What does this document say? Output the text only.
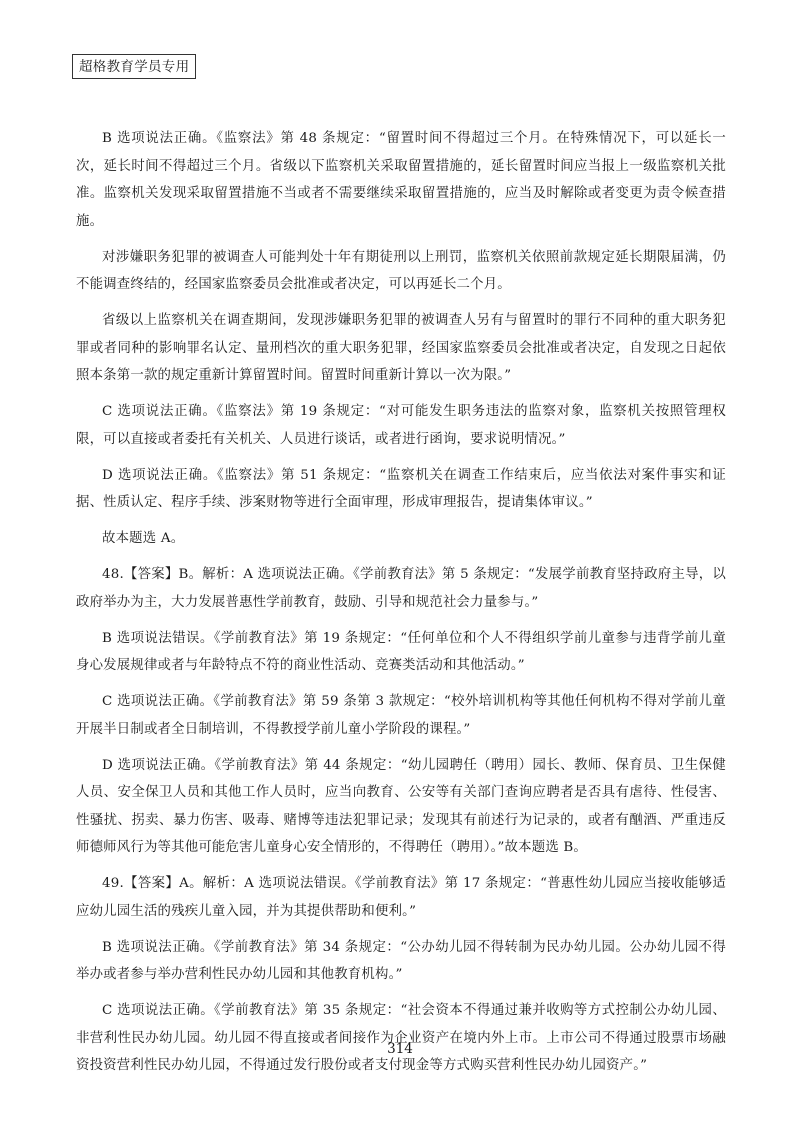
超格教育学员专用

B 选项说法正确。《监察法》第 48 条规定：“留置时间不得超过三个月。在特殊情况下，可以延长一次，延长时间不得超过三个月。省级以下监察机关采取留置措施的，延长留置时间应当报上一级监察机关批准。监察机关发现采取留置措施不当或者不需要继续采取留置措施的，应当及时解除或者变更为责令候查措施。

对涉嫌职务犯罪的被调查人可能判处十年有期徒刑以上刑罚，监察机关依照前款规定延长期限届满，仍不能调查终结的，经国家监察委员会批准或者决定，可以再延长二个月。

省级以上监察机关在调查期间，发现涉嫌职务犯罪的被调查人另有与留置时的罪行不同种的重大职务犯罪或者同种的影响罪名认定、量刑档次的重大职务犯罪，经国家监察委员会批准或者决定，自发现之日起依照本条第一款的规定重新计算留置时间。留置时间重新计算以一次为限。”

C 选项说法正确。《监察法》第 19 条规定：“对可能发生职务违法的监察对象，监察机关按照管理权限，可以直接或者委托有关机关、人员进行谈话，或者进行函询，要求说明情况。”

D 选项说法正确。《监察法》第 51 条规定：“监察机关在调查工作结束后，应当依法对案件事实和证据、性质认定、程序手续、涉案财物等进行全面审理，形成审理报告，提请集体审议。”

故本题选 A。

48.【答案】B。解析：A 选项说法正确。《学前教育法》第 5 条规定：“发展学前教育坚持政府主导，以政府举办为主，大力发展普惠性学前教育，鼓励、引导和规范社会力量参与。”

B 选项说法错误。《学前教育法》第 19 条规定：“任何单位和个人不得组织学前儿童参与违背学前儿童身心发展规律或者与年龄特点不符的商业性活动、竞赛类活动和其他活动。”

C 选项说法正确。《学前教育法》第 59 条第 3 款规定：“校外培训机构等其他任何机构不得对学前儿童开展半日制或者全日制培训，不得教授学前儿童小学阶段的课程。”

D 选项说法正确。《学前教育法》第 44 条规定：“幼儿园聘任（聘用）园长、教师、保育员、卫生保健人员、安全保卫人员和其他工作人员时，应当向教育、公安等有关部门查询应聘者是否具有虐待、性侵害、性骚扰、拐卖、暴力伤害、吸毒、赌博等违法犯罪记录；发现其有前述行为记录的，或者有酗酒、严重违反师德师风行为等其他可能危害儿童身心安全情形的，不得聘任（聘用）。”故本题选 B。

49.【答案】A。解析：A 选项说法错误。《学前教育法》第 17 条规定：“普惠性幼儿园应当接收能够适应幼儿园生活的残疾儿童入园，并为其提供帮助和便利。”

B 选项说法正确。《学前教育法》第 34 条规定：“公办幼儿园不得转制为民办幼儿园。公办幼儿园不得举办或者参与举办营利性民办幼儿园和其他教育机构。”

C 选项说法正确。《学前教育法》第 35 条规定：“社会资本不得通过兼并收购等方式控制公办幼儿园、非营利性民办幼儿园。幼儿园不得直接或者间接作为企业资产在境内外上市。上市公司不得通过股票市场融资投资营利性民办幼儿园，不得通过发行股份或者支付现金等方式购买营利性民办幼儿园资产。”

314
